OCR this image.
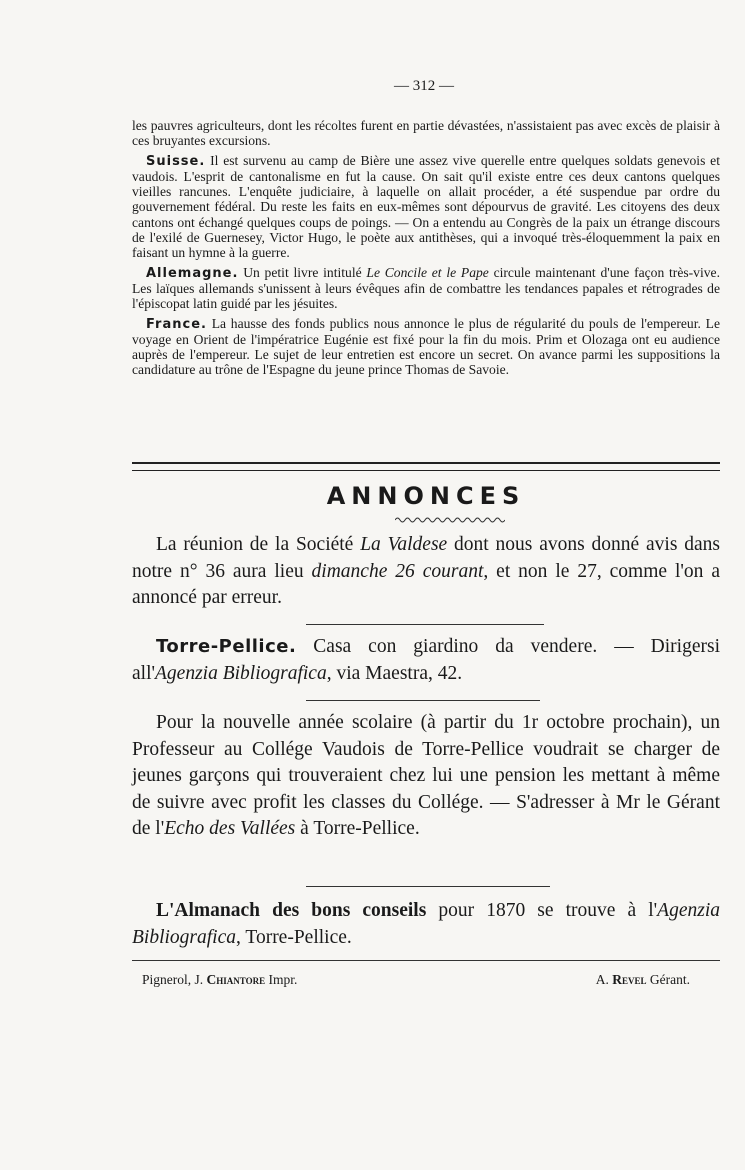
— 312 —

les pauvres agriculteurs, dont les récoltes furent en partie dévastées, n'assistaient pas avec excès de plaisir à ces bruyantes excursions.

Suisse. Il est survenu au camp de Bière une assez vive querelle entre quelques soldats genevois et vaudois. L'esprit de cantonalisme en fut la cause. On sait qu'il existe entre ces deux cantons quelques vieilles rancunes. L'enquête judiciaire, à laquelle on allait procéder, a été suspendue par ordre du gouvernement fédéral. Du reste les faits en eux-mêmes sont dépourvus de gravité. Les citoyens des deux cantons ont échangé quelques coups de poings. — On a entendu au Congrès de la paix un étrange discours de l'exilé de Guernesey, Victor Hugo, le poète aux antithèses, qui a invoqué très-éloquemment la paix en faisant un hymne à la guerre.

Allemagne. Un petit livre intitulé Le Concile et le Pape circule maintenant d'une façon très-vive. Les laïques allemands s'unissent à leurs évêques afin de combattre les tendances papales et rétrogrades de l'épiscopat latin guidé par les jésuites.

France. La hausse des fonds publics nous annonce le plus de régularité du pouls de l'empereur. Le voyage en Orient de l'impératrice Eugénie est fixé pour la fin du mois. Prim et Olozaga ont eu audience auprès de l'empereur. Le sujet de leur entretien est encore un secret. On avance parmi les suppositions la candidature au trône de l'Espagne du jeune prince Thomas de Savoie.

ANNONCES

La réunion de la Société La Valdese dont nous avons donné avis dans notre n° 36 aura lieu dimanche 26 courant, et non le 27, comme l'on a annoncé par erreur.

Torre-Pellice. Casa con giardino da vendere. — Dirigersi all'Agenzia Bibliografica, via Maestra, 42.

Pour la nouvelle année scolaire (à partir du 1r octobre prochain), un Professeur au Collége Vaudois de Torre-Pellice voudrait se charger de jeunes garçons qui trouveraient chez lui une pension les mettant à même de suivre avec profit les classes du Collége. — S'adresser à Mr le Gérant de l'Echo des Vallées à Torre-Pellice.

L'Almanach des bons conseils pour 1870 se trouve à l'Agenzia Bibliografica, Torre-Pellice.

Pignerol, J. Chiantore Impr.	A. Revel Gérant.
